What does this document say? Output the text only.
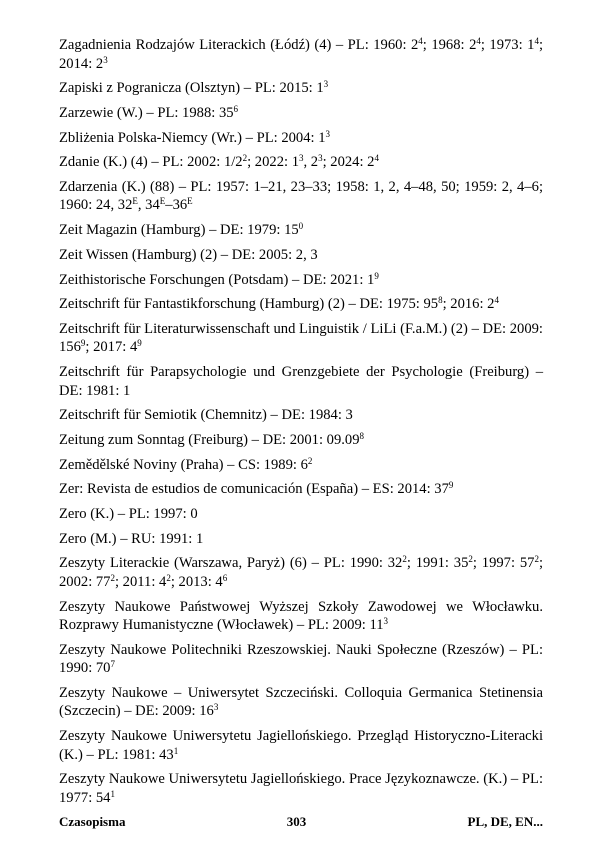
Zagadnienia Rodzajów Literackich (Łódź) (4) – PL: 1960: $2^4$; 1968: $2^4$; 1973: $1^4$; 2014: $2^3$
Zapiski z Pogranicza (Olsztyn) – PL: 2015: $1^3$
Zarzewie (W.) – PL: 1988: $35^6$
Zbliżenia Polska-Niemcy (Wr.) – PL: 2004: $1^3$
Zdanie (K.) (4) – PL: 2002: $1/2^2$; 2022: $1^3$, $2^3$; 2024: $2^4$
Zdarzenia (K.) (88) – PL: 1957: 1–21, 23–33; 1958: 1, 2, 4–48, 50; 1959: 2, 4–6; 1960: 24, $32^E$, $34^E-36^E$
Zeit Magazin (Hamburg) – DE: 1979: $15^0$
Zeit Wissen (Hamburg) (2) – DE: 2005: 2, 3
Zeithistorische Forschungen (Potsdam) – DE: 2021: $1^9$
Zeitschrift für Fantastikforschung (Hamburg) (2) – DE: 1975: $95^8$; 2016: $2^4$
Zeitschrift für Literaturwissenschaft und Linguistik / LiLi (F.a.M.) (2) – DE: 2009: $156^9$; 2017: $4^9$
Zeitschrift für Parapsychologie und Grenzgebiete der Psychologie (Freiburg) – DE: 1981: 1
Zeitschrift für Semiotik (Chemnitz) – DE: 1984: 3
Zeitung zum Sonntag (Freiburg) – DE: 2001: 09.09$^8$
Zemědělské Noviny (Praha) – CS: 1989: $6^2$
Zer: Revista de estudios de comunicación (España) – ES: 2014: $37^9$
Zero (K.) – PL: 1997: 0
Zero (M.) – RU: 1991: 1
Zeszyty Literackie (Warszawa, Paryż) (6) – PL: 1990: $32^2$; 1991: $35^2$; 1997: $57^2$; 2002: $77^2$; 2011: $4^2$; 2013: $4^6$
Zeszyty Naukowe Państwowej Wyższej Szkoły Zawodowej we Włocławku. Rozprawy Humanistyczne (Włocławek) – PL: 2009: $11^3$
Zeszyty Naukowe Politechniki Rzeszowskiej. Nauki Społeczne (Rzeszów) – PL: 1990: $70^7$
Zeszyty Naukowe – Uniwersytet Szczeciński. Colloquia Germanica Stetinensia (Szczecin) – DE: 2009: $16^3$
Zeszyty Naukowe Uniwersytetu Jagiellońskiego. Przegląd Historyczno-Literacki (K.) – PL: 1981: $43^1$
Zeszyty Naukowe Uniwersytetu Jagiellońskiego. Prace Językoznawcze. (K.) – PL: 1977: $54^1$
Czasopisma	303	PL, DE, EN...
